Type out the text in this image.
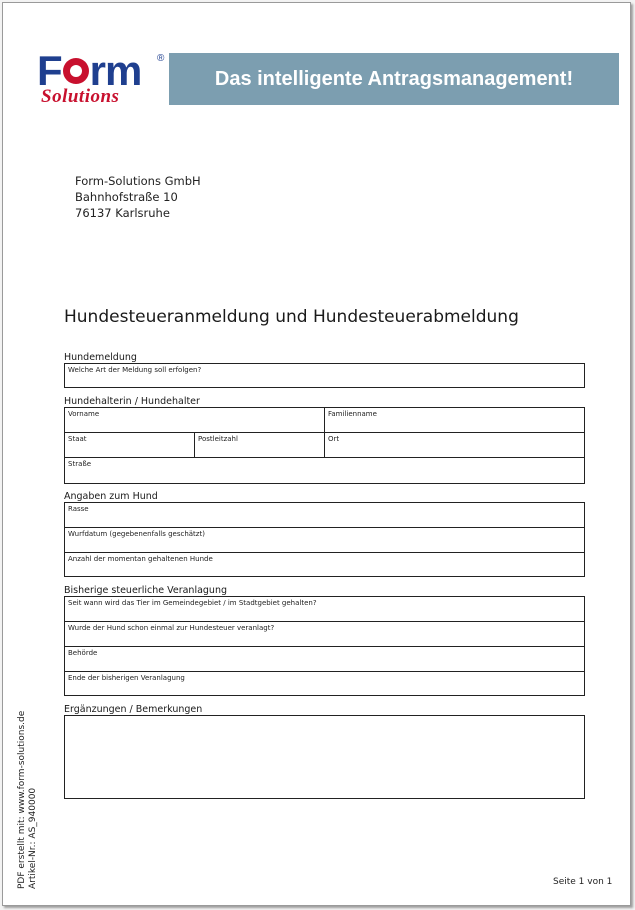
F rm ®
Solutions
Das intelligente Antragsmanagement!
Form-Solutions GmbH
Bahnhofstraße 10
76137 Karlsruhe
Hundesteueranmeldung und Hundesteuerabmeldung
Hundemeldung
Welche Art der Meldung soll erfolgen?
Hundehalterin / Hundehalter
Vorname	Familienname
Staat	Postleitzahl	Ort
Straße
Angaben zum Hund
Rasse
Wurfdatum (gegebenenfalls geschätzt)
Anzahl der momentan gehaltenen Hunde
Bisherige steuerliche Veranlagung
Seit wann wird das Tier im Gemeindegebiet / im Stadtgebiet gehalten?
Wurde der Hund schon einmal zur Hundesteuer veranlagt?
Behörde
Ende der bisherigen Veranlagung
Ergänzungen / Bemerkungen
PDF erstellt mit: www.form-solutions.de Artikel-Nr.: AS_940000	Seite 1 von 1
